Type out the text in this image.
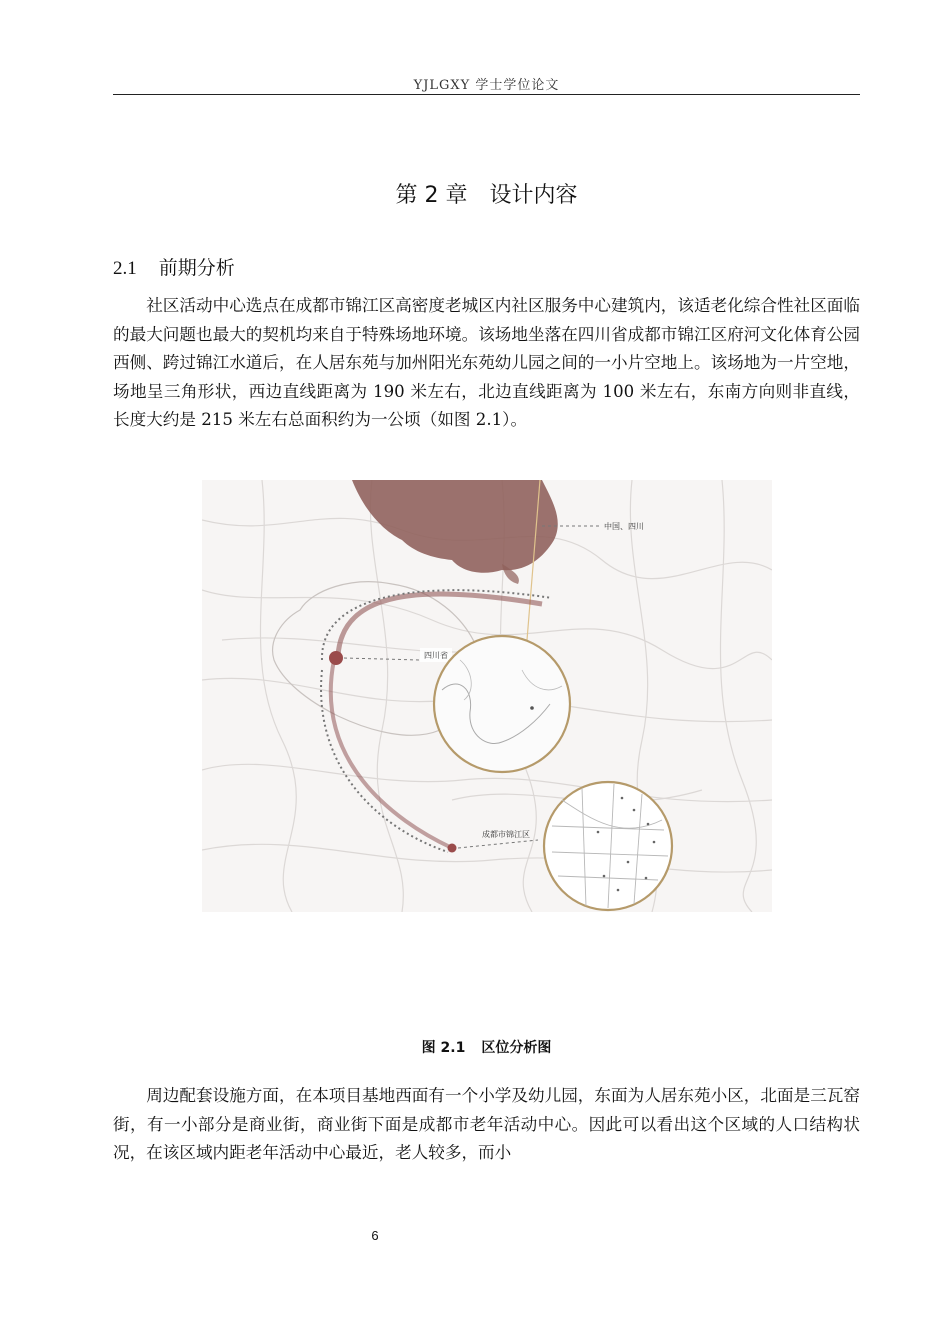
YJLGXY 学士学位论文
第 2 章 设计内容
2.1 前期分析

社区活动中心选点在成都市锦江区高密度老城区内社区服务中心建筑内，该适老化综合性社区面临的最大问题也最大的契机均来自于特殊场地环境。该场地坐落在四川省成都市锦江区府河文化体育公园西侧、跨过锦江水道后，在人居东苑与加州阳光东苑幼儿园之间的一小片空地上。该场地为一片空地，场地呈三角形状，西边直线距离为 190 米左右，北边直线距离为 100 米左右，东南方向则非直线，长度大约是 215 米左右总面积约为一公顷（如图 2.1）。

中国、四川
四川省
成都市锦江区
图 2.1 区位分析图

周边配套设施方面，在本项目基地西面有一个小学及幼儿园，东面为人居东苑小区，北面是三瓦窑街，有一小部分是商业街，商业街下面是成都市老年活动中心。因此可以看出这个区域的人口结构状况，在该区域内距老年活动中心最近，老人较多，而小

6
